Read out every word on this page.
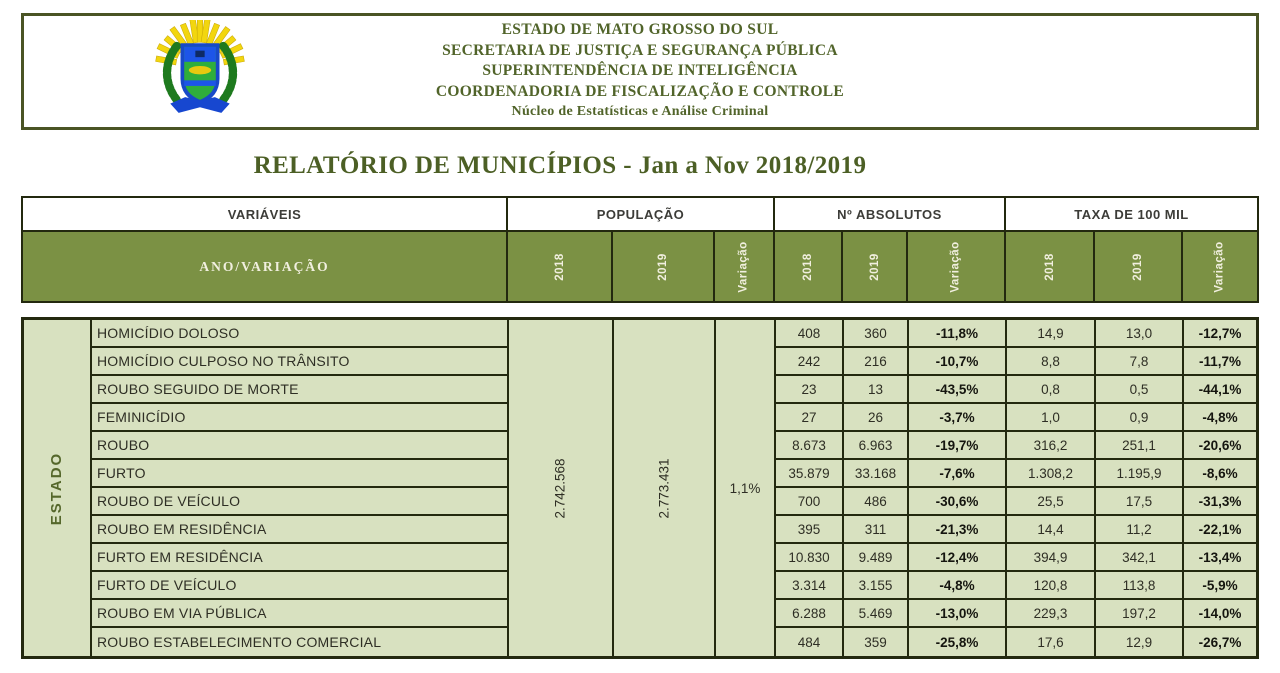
ESTADO DE MATO GROSSO DO SUL
SECRETARIA DE JUSTIÇA E SEGURANÇA PÚBLICA
SUPERINTENDÊNCIA DE INTELIGÊNCIA
COORDENADORIA DE FISCALIZAÇÃO E CONTROLE
Núcleo de Estatísticas e Análise Criminal
RELATÓRIO DE MUNICÍPIOS - Jan a Nov 2018/2019
VARIÁVEIS	POPULAÇÃO	Nº ABSOLUTOS	TAXA DE 100 MIL
ANO/VARIAÇÃO	2018	2019	Variação	2018	2019	Variação	2018	2019	Variação
ESTADO	2.742.568	2.773.431	1,1%
HOMICÍDIO DOLOSO	408	360	-11,8%	14,9	13,0	-12,7%
HOMICÍDIO CULPOSO NO TRÂNSITO	242	216	-10,7%	8,8	7,8	-11,7%
ROUBO SEGUIDO DE MORTE	23	13	-43,5%	0,8	0,5	-44,1%
FEMINICÍDIO	27	26	-3,7%	1,0	0,9	-4,8%
ROUBO	8.673	6.963	-19,7%	316,2	251,1	-20,6%
FURTO	35.879	33.168	-7,6%	1.308,2	1.195,9	-8,6%
ROUBO DE VEÍCULO	700	486	-30,6%	25,5	17,5	-31,3%
ROUBO EM RESIDÊNCIA	395	311	-21,3%	14,4	11,2	-22,1%
FURTO EM RESIDÊNCIA	10.830	9.489	-12,4%	394,9	342,1	-13,4%
FURTO DE VEÍCULO	3.314	3.155	-4,8%	120,8	113,8	-5,9%
ROUBO EM VIA PÚBLICA	6.288	5.469	-13,0%	229,3	197,2	-14,0%
ROUBO ESTABELECIMENTO COMERCIAL	484	359	-25,8%	17,6	12,9	-26,7%
